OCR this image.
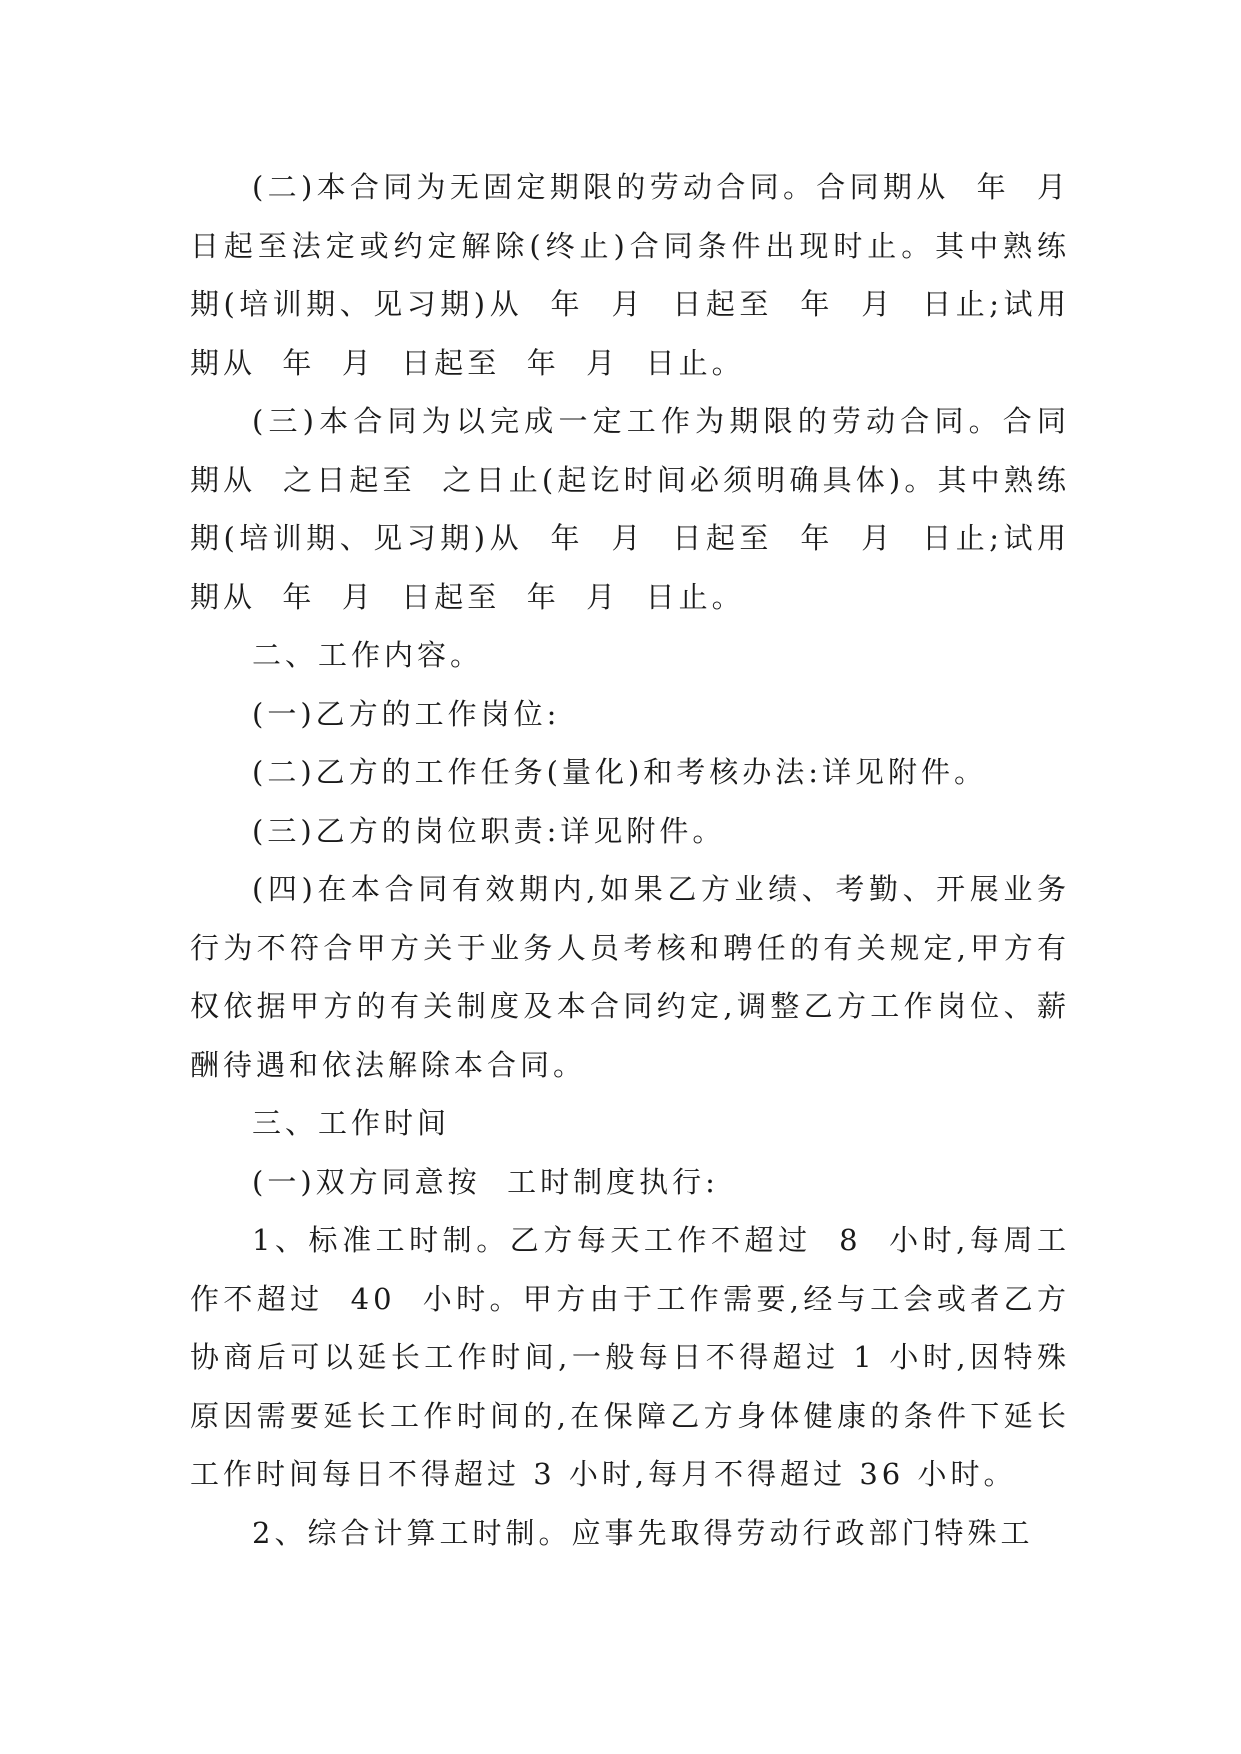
(二)本合同为无固定期限的劳动合同。合同期从  年  月 日起至法定或约定解除(终止)合同条件出现时止。其中熟练期(培训期、见习期)从  年  月  日起至  年  月  日止;试用期从  年  月  日起至  年  月  日止。

(三)本合同为以完成一定工作为期限的劳动合同。合同期从  之日起至  之日止(起讫时间必须明确具体)。其中熟练期(培训期、见习期)从  年  月  日起至  年  月  日止;试用期从  年  月  日起至  年  月  日止。

二、工作内容。

(一)乙方的工作岗位:

(二)乙方的工作任务(量化)和考核办法:详见附件。

(三)乙方的岗位职责:详见附件。

(四)在本合同有效期内,如果乙方业绩、考勤、开展业务行为不符合甲方关于业务人员考核和聘任的有关规定,甲方有权依据甲方的有关制度及本合同约定,调整乙方工作岗位、薪酬待遇和依法解除本合同。

三、工作时间

(一)双方同意按  工时制度执行:

1、标准工时制。乙方每天工作不超过  8  小时,每周工作不超过  40  小时。甲方由于工作需要,经与工会或者乙方协商后可以延长工作时间,一般每日不得超过 1 小时,因特殊原因需要延长工作时间的,在保障乙方身体健康的条件下延长工作时间每日不得超过 3 小时,每月不得超过 36 小时。

2、综合计算工时制。应事先取得劳动行政部门特殊工
